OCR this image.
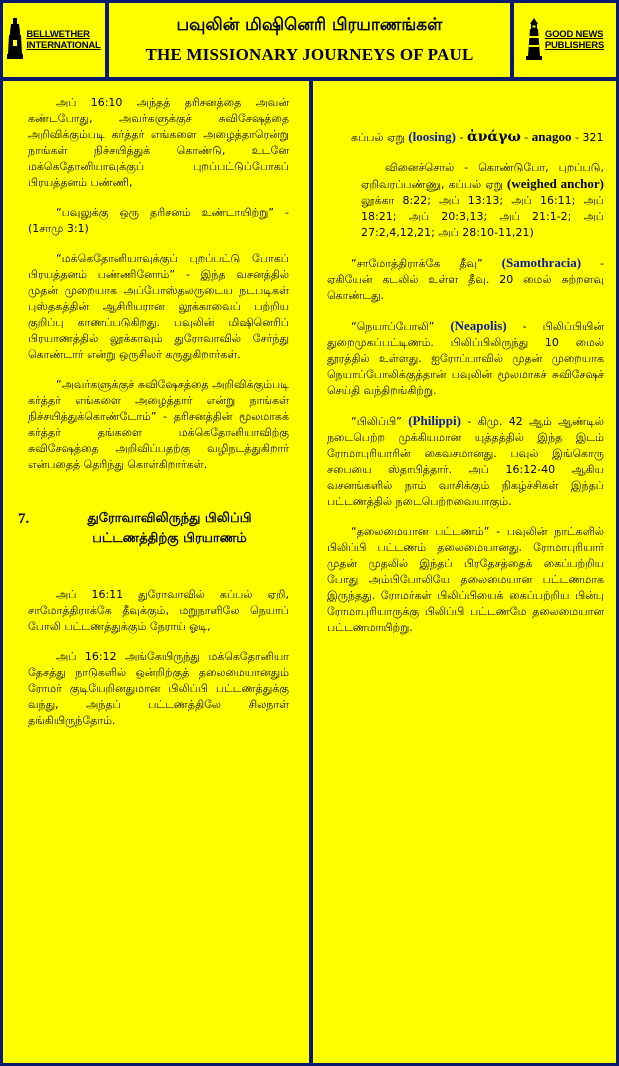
BELLWETHER
INTERNATIONAL
பவுலின் மிஷினெரி பிரயாணங்கள்
THE MISSIONARY JOURNEYS OF PAUL
GOOD NEWS
PUBLISHERS

அப் 16:10 அந்தத் தரிசனத்தை அவன் கண்டபோது, அவர்களுக்குச் சுவிசேஷத்தை அறிவிக்கும்படி கர்த்தர் எங்களை அழைத்தாரென்று நாங்கள் நிச்சயித்துக் கொண்டு, உடனே மக்கெதோனியாவுக்குப் புறப்பட்டுப்போகப் பிரயத்தனம் பண்ணி,

“பவுலுக்கு ஒரு தரிசனம் உண்டாயிற்று” - (1சாமு 3:1)

“மக்கெதோனியாவுக்குப் புறப்பட்டு போகப் பிரயத்தனம் பண்ணினோம்” - இந்த வசனத்தில் முதன் முறையாக அப்போஸ்தலருடைய நடபடிகள் புஸ்தகத்தின் ஆசிரியரான லூக்காவைப் பற்றிய குறிப்பு காணப்படுகிறது. பவுலின் மிஷினெரிப் பிரயாணத்தில் லூக்காவும் துரோவாவில் சேர்ந்து கொண்டார் என்று ஒருசிலர் கருதுகிறார்கள்.

“அவர்களுக்குச் சுவிஷேசத்தை அறிவிக்கும்படி கர்த்தர் எங்களை அழைத்தார் என்று நாங்கள் நிச்சயித்துக்கொண்டோம்” - தரிசனத்தின் மூலமாகக் கர்த்தர் தங்களை மக்கெதோனியாவிற்கு சுவிசேஷத்தை அறிவிப்பதற்கு வழிநடத்துகிறார் என்பதைத் தெரிந்து கொள்கிறார்கள்.

7.	துரோவாவிலிருந்து பிலிப்பி பட்டணத்திற்கு பிரயாணம்

அப் 16:11 துரோவாவில் கப்பல் ஏறி, சாமோத்திராக்கே தீவுக்கும், மறுநாளிலே நெயாப் போலி பட்டணத்துக்கும் நேராய் ஓடி,

அப் 16:12 அங்கேயிருந்து மக்கெதோனியா தேசத்து நாடுகளில் ஒன்றிற்குத் தலைமையானதும் ரோமர் குடியேறினதுமான பிலிப்பி பட்டணத்துக்கு வந்து, அந்தப் பட்டணத்திலே சிலநாள் தங்கியிருந்தோம்.

கப்பல் ஏறு (loosing) - ἀνάγω - anagoo - 321

வினைச்சொல் - கொண்டுபோ, புறப்படு, ஏறிவரப்பண்ணு, கப்பல் ஏறு (weighed anchor) லூக்கா 8:22; அப் 13:13; அப் 16:11; அப் 18:21; அப் 20:3,13; அப் 21:1-2; அப் 27:2,4,12,21; அப் 28:10-11,21)

“சாமோத்திராக்கே தீவு” (Samothracia) - ஏகியேன் கடலில் உள்ள தீவு. 20 மைல் சுற்றளவு கொண்டது.

“நெயாப்போலி” (Neapolis) - பிலிப்பியின் துறைமுகப்பட்டிணம். பிலிப்பிலிருந்து 10 மைல் தூரத்தில் உள்ளது. ஐரோப்பாவில் முதன் முறையாக நெயாப்போலிக்குத்தான் பவுலின் மூலமாகச் சுவிசேஷச் செய்தி வந்திறங்கிற்று.

“பிலிப்பி” (Philippi) - கிமு. 42 ஆம் ஆண்டில் நடைபெற்ற முக்கியமான யுத்தத்தில் இந்த இடம் ரோமாபுரியாரின் கைவசமானது. பவுல் இங்கொரு சபையை ஸ்தாபித்தார். அப் 16:12-40 ஆகிய வசனங்களில் நாம் வாசிக்கும் நிகழ்ச்சிகள் இந்தப் பட்டணத்தில் நடைபெற்றவையாகும்.

“தலைமையான பட்டணம்” - பவுலின் நாட்களில் பிலிப்பி பட்டணம் தலைமையானது. ரோமாபுரியார் முதன் முதலில் இந்தப் பிரதேசத்தைக் கைப்பற்றிய போது அம்பிபோலியே தலைமையான பட்டணமாக இருந்தது. ரோமர்கள் பிலிப்பியைக் கைப்பற்றிய பின்பு ரோமாபுரியாருக்கு பிலிப்பி பட்டணமே தலைமையான பட்டணமாயிற்று.
